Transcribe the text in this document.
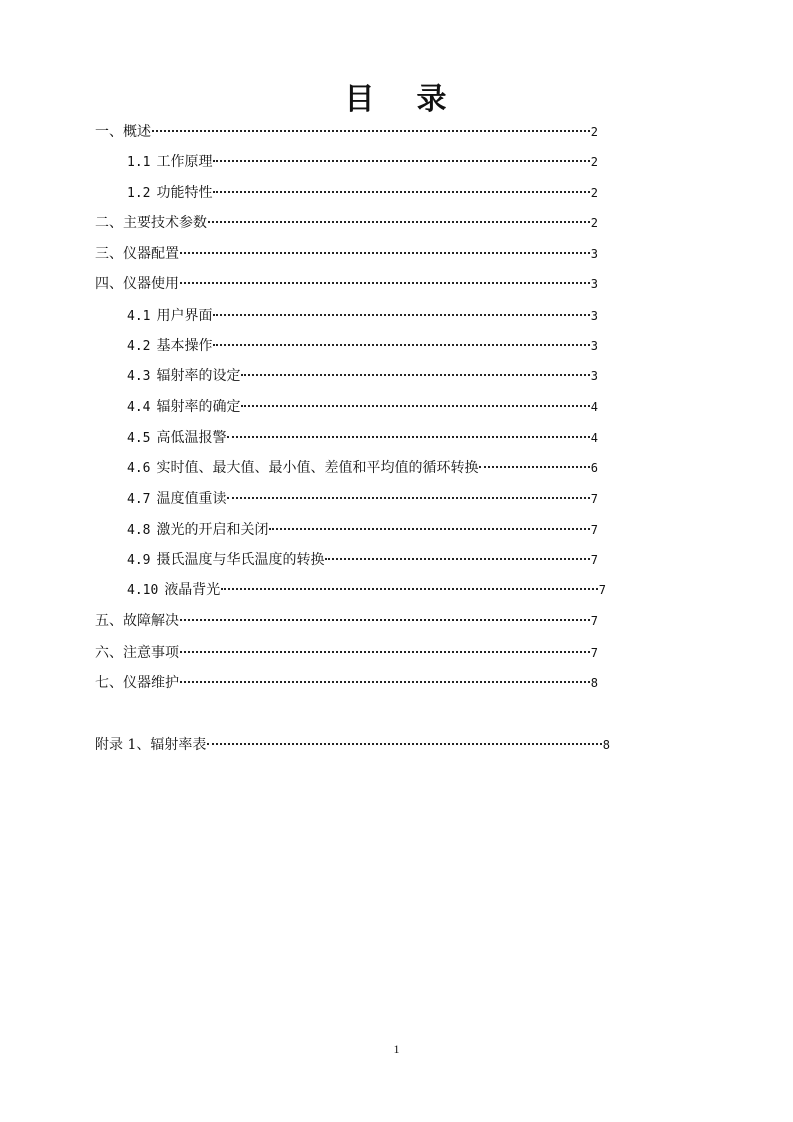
目 录
一、概述	2
1.1 工作原理	2
1.2 功能特性	2
二、主要技术参数	2
三、仪器配置	3
四、仪器使用	3
4.1 用户界面	3
4.2 基本操作	3
4.3 辐射率的设定	3
4.4 辐射率的确定	4
4.5 高低温报警	4
4.6 实时值、最大值、最小值、差值和平均值的循环转换	6
4.7 温度值重读	7
4.8 激光的开启和关闭	7
4.9 摄氏温度与华氏温度的转换	7
4.10 液晶背光	7
五、故障解决	7
六、注意事项	7
七、仪器维护	8
附录 1、辐射率表	8
1
